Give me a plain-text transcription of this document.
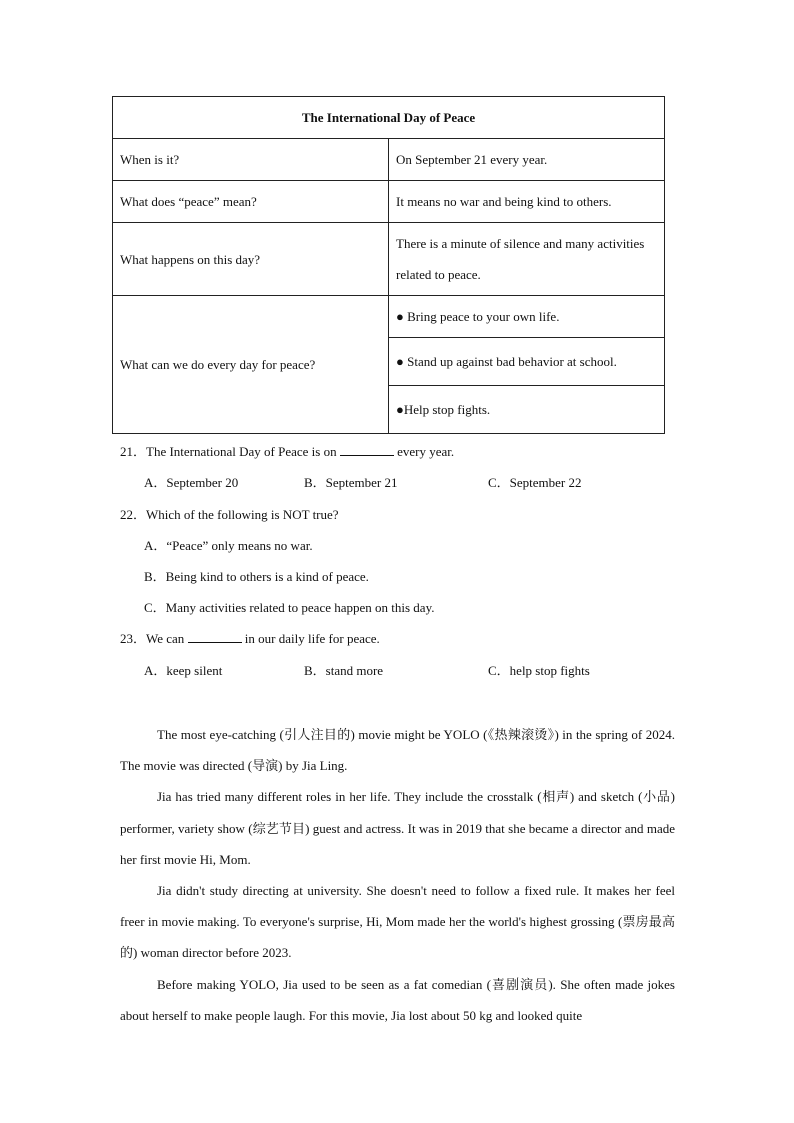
The International Day of Peace	
When is it?	On September 21 every year.
What does “peace” mean?	It means no war and being kind to others.
What happens on this day?	There is a minute of silence and many activities related to peace.
What can we do every day for peace?	● Bring peace to your own life.
	● Stand up against bad behavior at school.
	●Help stop fights.
21．The International Day of Peace is on	every year.
A．September 20	B．September 21	C．September 22
22．Which of the following is NOT true?
A．“Peace” only means no war.
B．Being kind to others is a kind of peace.
C．Many activities related to peace happen on this day.
23．We can	in our daily life for peace.
A．keep silent	B．stand more	C．help stop fights

The most eye-catching (引人注目的) movie might be YOLO (《热辣滚烫》) in the spring of 2024. The movie was directed (导演) by Jia Ling.

Jia has tried many different roles in her life. They include the crosstalk (相声) and sketch (小品) performer, variety show (综艺节目) guest and actress. It was in 2019 that she became a director and made her first movie Hi, Mom.

Jia didn't study directing at university. She doesn't need to follow a fixed rule. It makes her feel freer in movie making. To everyone's surprise, Hi, Mom made her the world's highest grossing (票房最高的) woman director before 2023.

Before making YOLO, Jia used to be seen as a fat comedian (喜剧演员). She often made jokes about herself to make people laugh. For this movie, Jia lost about 50 kg and looked quite
